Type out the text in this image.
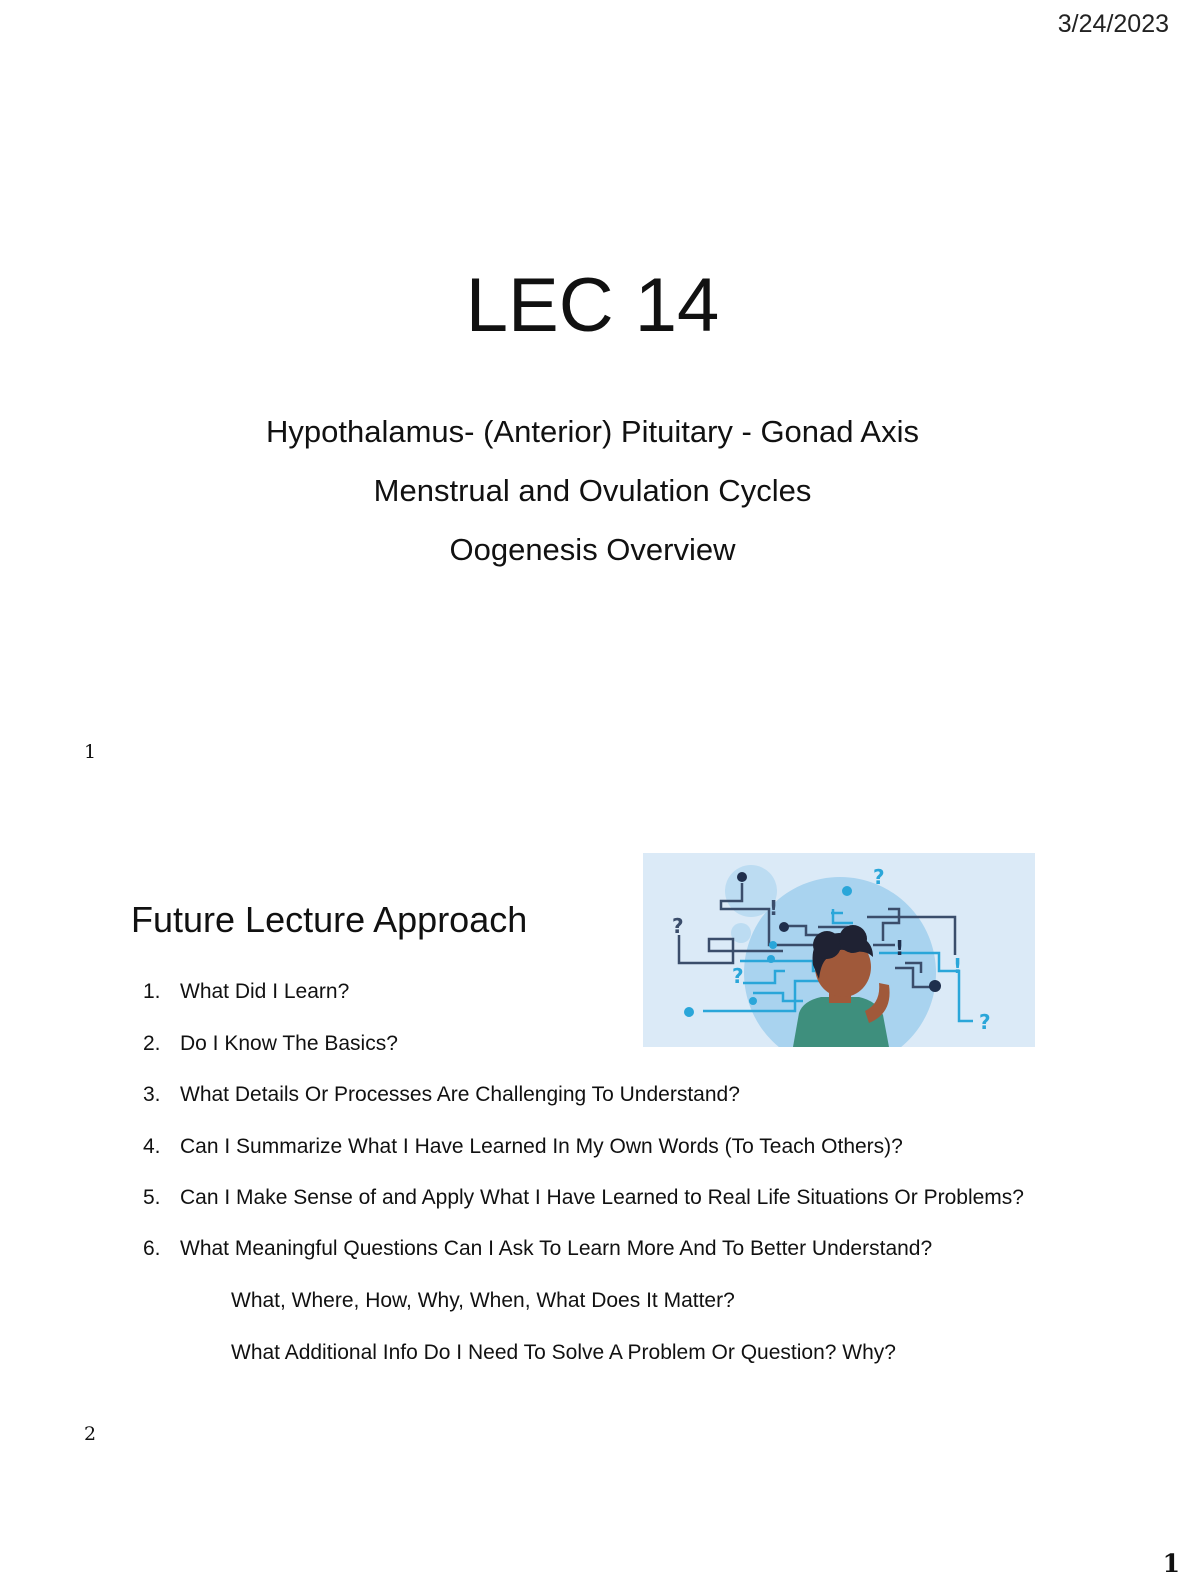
3/24/2023
LEC 14
Hypothalamus- (Anterior) Pituitary - Gonad Axis
Menstrual and Ovulation Cycles
Oogenesis Overview
1
Future Lecture Approach
1. What Did I Learn?
2. Do I Know The Basics?
3. What Details Or Processes Are Challenging To Understand?
4. Can I Summarize What I Have Learned In My Own Words (To Teach Others)?
5. Can I Make Sense of and Apply What I Have Learned to Real Life Situations Or Problems?
6. What Meaningful Questions Can I Ask To Learn More And To Better Understand?
What, Where, How, Why, When, What Does It Matter?
What Additional Info Do I Need To Solve A Problem Or Question? Why?
2
?
?
?
?
!
!
!
1
